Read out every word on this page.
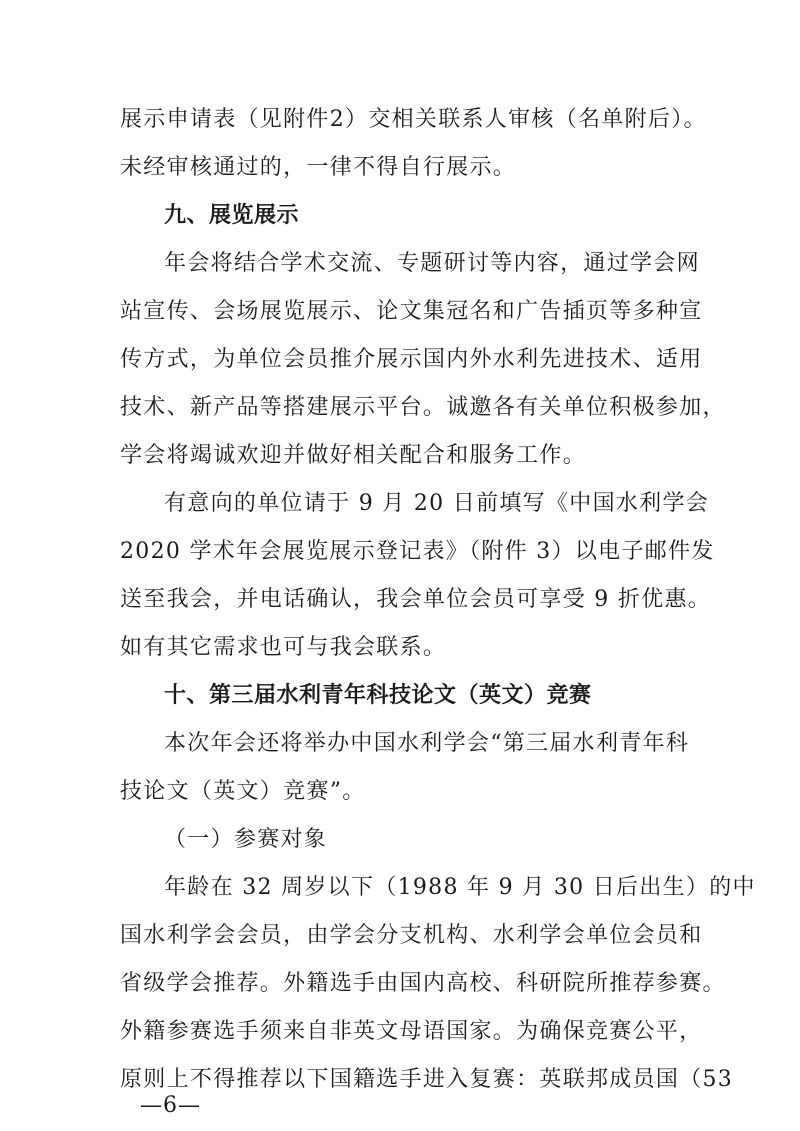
展示申请表（见附件2）交相关联系人审核（名单附后）。
未经审核通过的，一律不得自行展示。
九、展览展示
年会将结合学术交流、专题研讨等内容，通过学会网
站宣传、会场展览展示、论文集冠名和广告插页等多种宣
传方式，为单位会员推介展示国内外水利先进技术、适用
技术、新产品等搭建展示平台。诚邀各有关单位积极参加，
学会将竭诚欢迎并做好相关配合和服务工作。
有意向的单位请于 9 月 20 日前填写《中国水利学会
2020 学术年会展览展示登记表》（附件 3）以电子邮件发
送至我会，并电话确认，我会单位会员可享受 9 折优惠。
如有其它需求也可与我会联系。
十、第三届水利青年科技论文（英文）竞赛
本次年会还将举办中国水利学会“第三届水利青年科
技论文（英文）竞赛”。
（一）参赛对象
年龄在 32 周岁以下（1988 年 9 月 30 日后出生）的中
国水利学会会员，由学会分支机构、水利学会单位会员和
省级学会推荐。外籍选手由国内高校、科研院所推荐参赛。
外籍参赛选手须来自非英文母语国家。为确保竞赛公平，
原则上不得推荐以下国籍选手进入复赛：英联邦成员国（53
—6—
